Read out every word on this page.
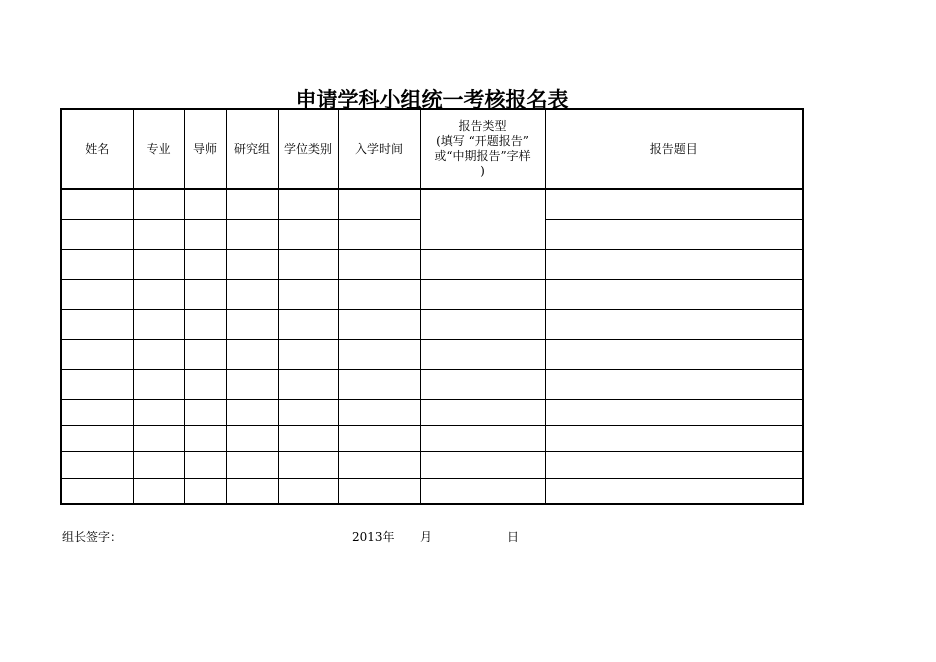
申请学科小组统一考核报名表
姓名	专业	导师	研究组	学位类别	入学时间	报告类型
(填写 “开题报告”
或“中期报告”字样
)	报告题目

组长签字：	2013年 月	日
